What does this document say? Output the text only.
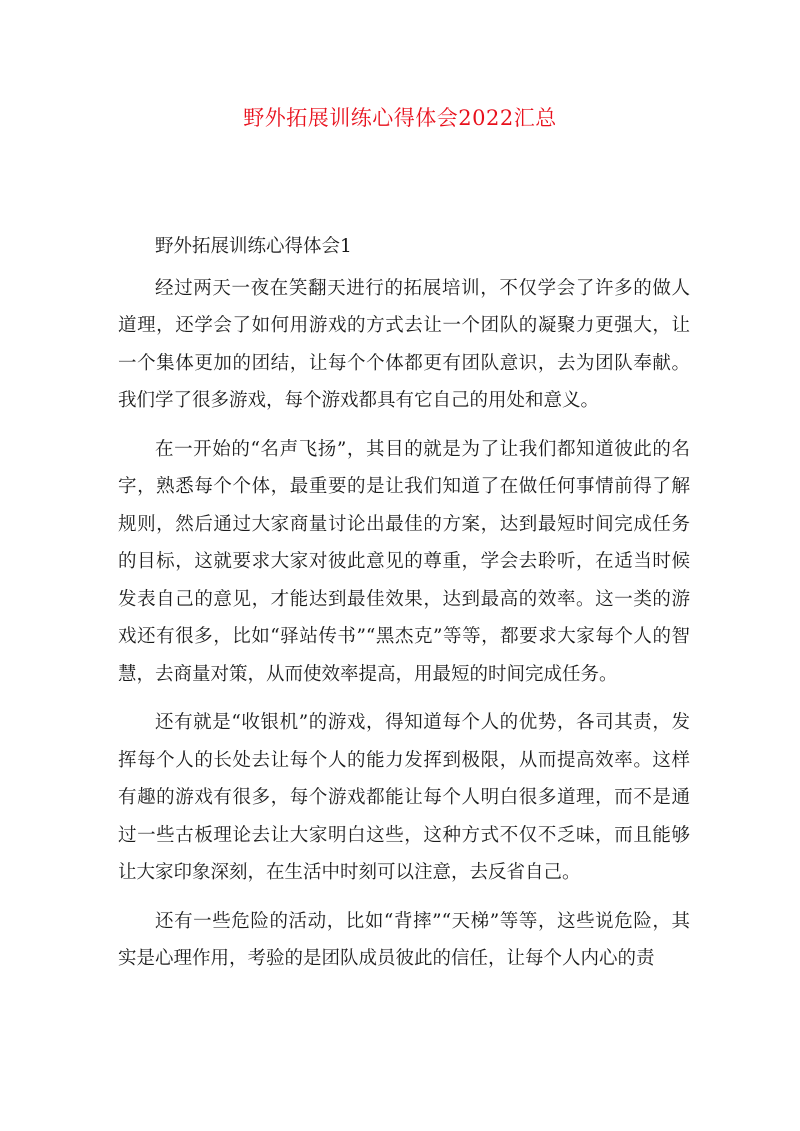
野外拓展训练心得体会2022汇总

野外拓展训练心得体会1

经过两天一夜在笑翻天进行的拓展培训，不仅学会了许多的做人道理，还学会了如何用游戏的方式去让一个团队的凝聚力更强大，让一个集体更加的团结，让每个个体都更有团队意识，去为团队奉献。我们学了很多游戏，每个游戏都具有它自己的用处和意义。

在一开始的“名声飞扬”，其目的就是为了让我们都知道彼此的名字，熟悉每个个体，最重要的是让我们知道了在做任何事情前得了解规则，然后通过大家商量讨论出最佳的方案，达到最短时间完成任务的目标，这就要求大家对彼此意见的尊重，学会去聆听，在适当时候发表自己的意见，才能达到最佳效果，达到最高的效率。这一类的游戏还有很多，比如“驿站传书”“黑杰克”等等，都要求大家每个人的智慧，去商量对策，从而使效率提高，用最短的时间完成任务。

还有就是“收银机”的游戏，得知道每个人的优势，各司其责，发挥每个人的长处去让每个人的能力发挥到极限，从而提高效率。这样有趣的游戏有很多，每个游戏都能让每个人明白很多道理，而不是通过一些古板理论去让大家明白这些，这种方式不仅不乏味，而且能够让大家印象深刻，在生活中时刻可以注意，去反省自己。

还有一些危险的活动，比如“背摔”“天梯”等等，这些说危险，其实是心理作用，考验的是团队成员彼此的信任，让每个人内心的责
